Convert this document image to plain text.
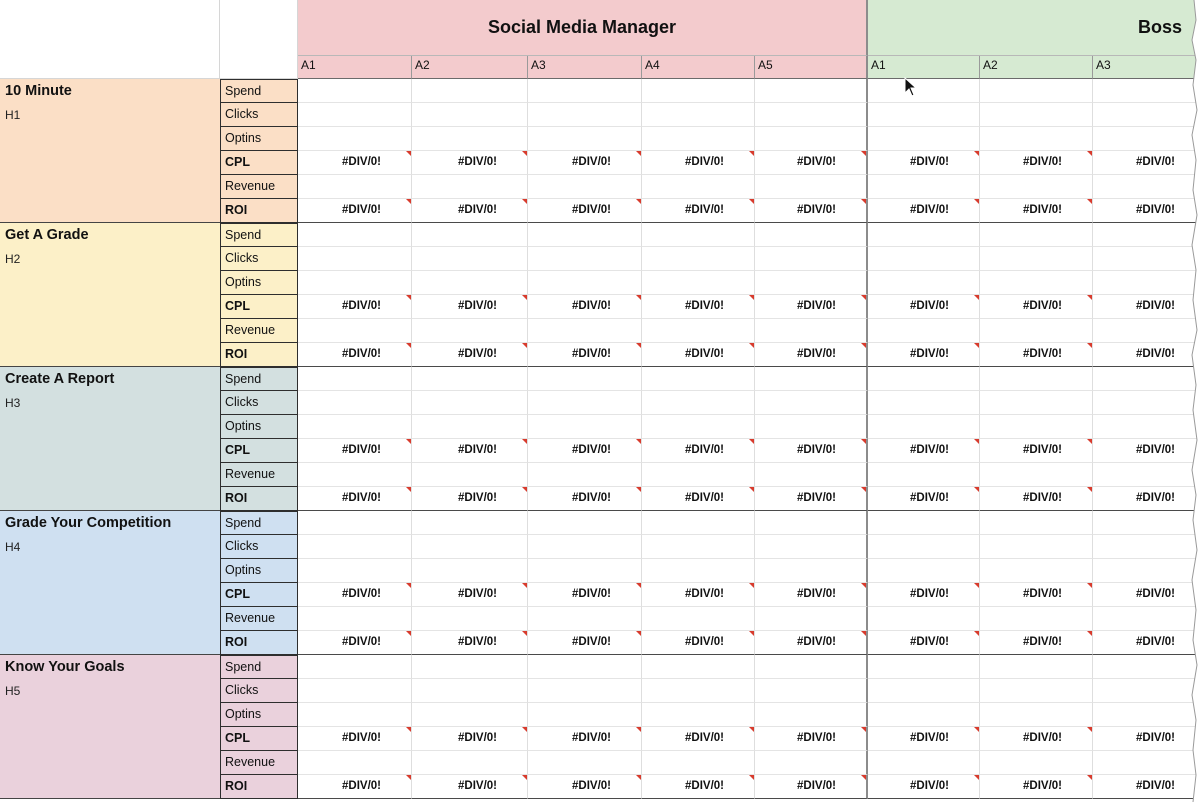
Social Media Manager
A1	A2	A3	A4	A5
Boss
A1	A2	A3
10 Minute
H1
Spend
Clicks
Optins
CPL	#DIV/0!	#DIV/0!	#DIV/0!	#DIV/0!	#DIV/0!	#DIV/0!	#DIV/0!	#DIV/0!
Revenue
ROI	#DIV/0!	#DIV/0!	#DIV/0!	#DIV/0!	#DIV/0!	#DIV/0!	#DIV/0!	#DIV/0!
Get A Grade
H2
Spend
Clicks
Optins
CPL	#DIV/0!	#DIV/0!	#DIV/0!	#DIV/0!	#DIV/0!	#DIV/0!	#DIV/0!	#DIV/0!
Revenue
ROI	#DIV/0!	#DIV/0!	#DIV/0!	#DIV/0!	#DIV/0!	#DIV/0!	#DIV/0!	#DIV/0!
Create A Report
H3
Spend
Clicks
Optins
CPL	#DIV/0!	#DIV/0!	#DIV/0!	#DIV/0!	#DIV/0!	#DIV/0!	#DIV/0!	#DIV/0!
Revenue
ROI	#DIV/0!	#DIV/0!	#DIV/0!	#DIV/0!	#DIV/0!	#DIV/0!	#DIV/0!	#DIV/0!
Grade Your Competition
H4
Spend
Clicks
Optins
CPL	#DIV/0!	#DIV/0!	#DIV/0!	#DIV/0!	#DIV/0!	#DIV/0!	#DIV/0!	#DIV/0!
Revenue
ROI	#DIV/0!	#DIV/0!	#DIV/0!	#DIV/0!	#DIV/0!	#DIV/0!	#DIV/0!	#DIV/0!
Know Your Goals
H5
Spend
Clicks
Optins
CPL	#DIV/0!	#DIV/0!	#DIV/0!	#DIV/0!	#DIV/0!	#DIV/0!	#DIV/0!	#DIV/0!
Revenue
ROI	#DIV/0!	#DIV/0!	#DIV/0!	#DIV/0!	#DIV/0!	#DIV/0!	#DIV/0!	#DIV/0!
